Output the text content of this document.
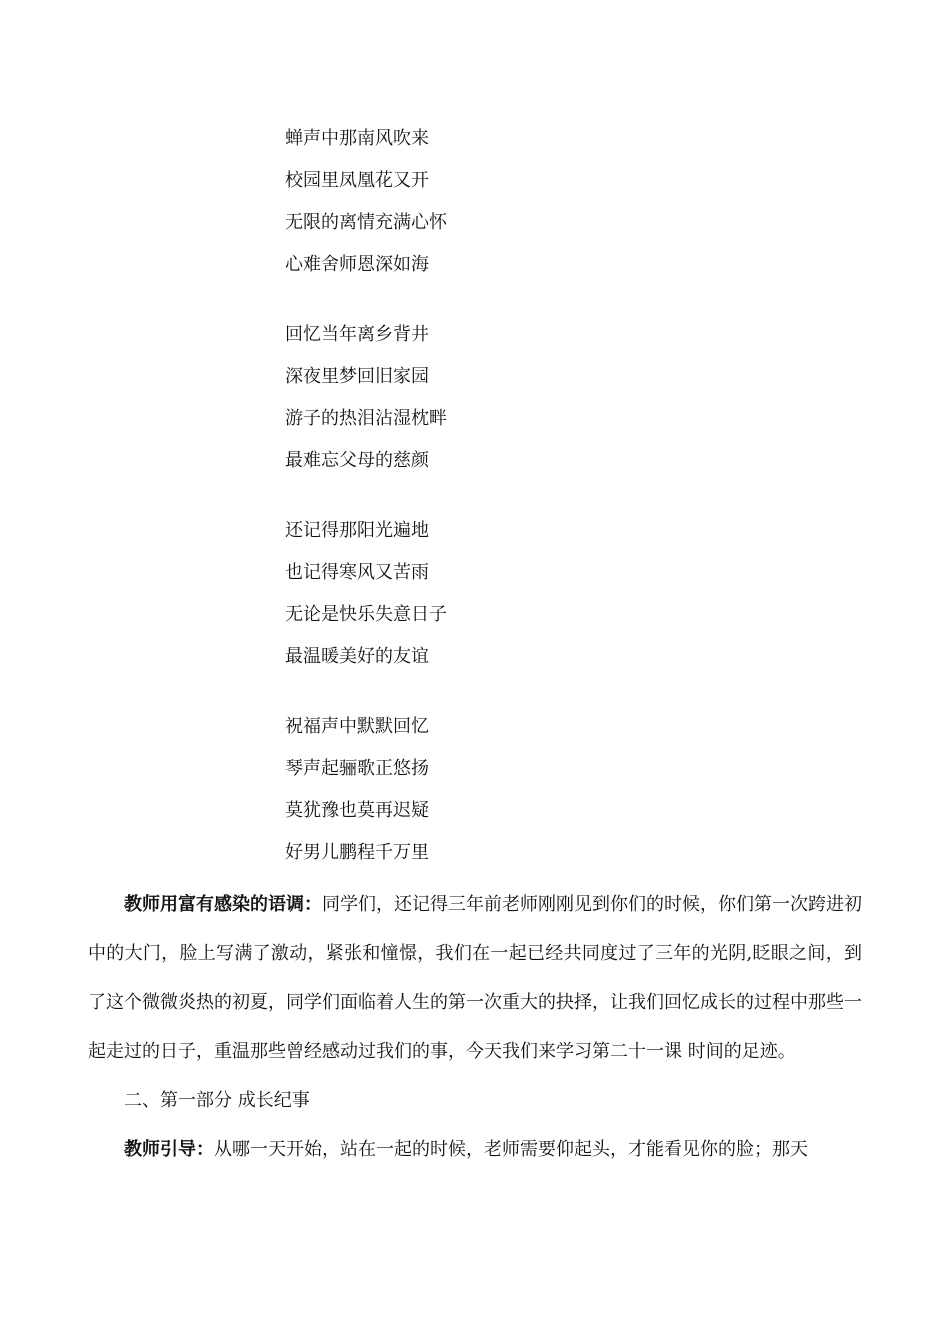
蝉声中那南风吹来
校园里凤凰花又开
无限的离情充满心怀
心难舍师恩深如海
回忆当年离乡背井
深夜里梦回旧家园
游子的热泪沾湿枕畔
最难忘父母的慈颜
还记得那阳光遍地
也记得寒风又苦雨
无论是快乐失意日子
最温暖美好的友谊
祝福声中默默回忆
琴声起骊歌正悠扬
莫犹豫也莫再迟疑
好男儿鹏程千万里

教师用富有感染的语调：同学们，还记得三年前老师刚刚见到你们的时候，你们第一次跨进初中的大门，脸上写满了激动，紧张和憧憬，我们在一起已经共同度过了三年的光阴,眨眼之间，到了这个微微炎热的初夏，同学们面临着人生的第一次重大的抉择，让我们回忆成长的过程中那些一起走过的日子，重温那些曾经感动过我们的事，今天我们来学习第二十一课 时间的足迹。

二、第一部分 成长纪事

教师引导：从哪一天开始，站在一起的时候，老师需要仰起头，才能看见你的脸；那天
